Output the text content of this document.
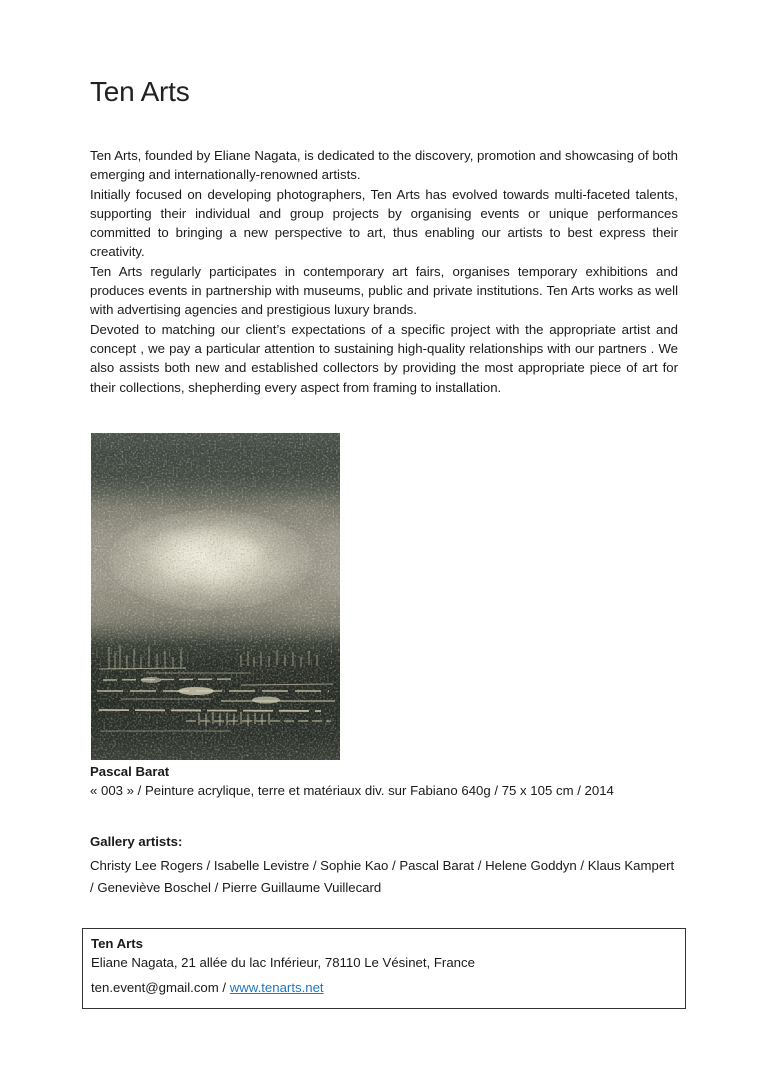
Ten Arts

Ten Arts, founded by Eliane Nagata, is dedicated to the discovery, promotion and showcasing of both emerging and internationally-renowned artists.

Initially focused on developing photographers, Ten Arts has evolved towards multi-faceted talents, supporting their individual and group projects by organising events or unique performances committed to bringing a new perspective to art, thus enabling our artists to best express their creativity.

Ten Arts regularly participates in contemporary art fairs, organises temporary exhibitions and produces events in partnership with museums, public and private institutions. Ten Arts works as well with advertising agencies and prestigious luxury brands.

Devoted to matching our client’s expectations of a specific project with the appropriate artist and concept , we pay a particular attention to sustaining high-quality relationships with our partners . We also assists both new and established collectors by providing the most appropriate piece of art for their collections, shepherding every aspect from framing to installation.

Pascal Barat

« 003 » / Peinture acrylique, terre et matériaux div. sur Fabiano 640g / 75 x 105 cm / 2014

Gallery artists:

Christy Lee Rogers / Isabelle Levistre / Sophie Kao / Pascal Barat / Helene Goddyn / Klaus Kampert / Geneviève Boschel / Pierre Guillaume Vuillecard

Ten Arts
Eliane Nagata, 21 allée du lac Inférieur, 78110 Le Vésinet, France
ten.event@gmail.com / www.tenarts.net
